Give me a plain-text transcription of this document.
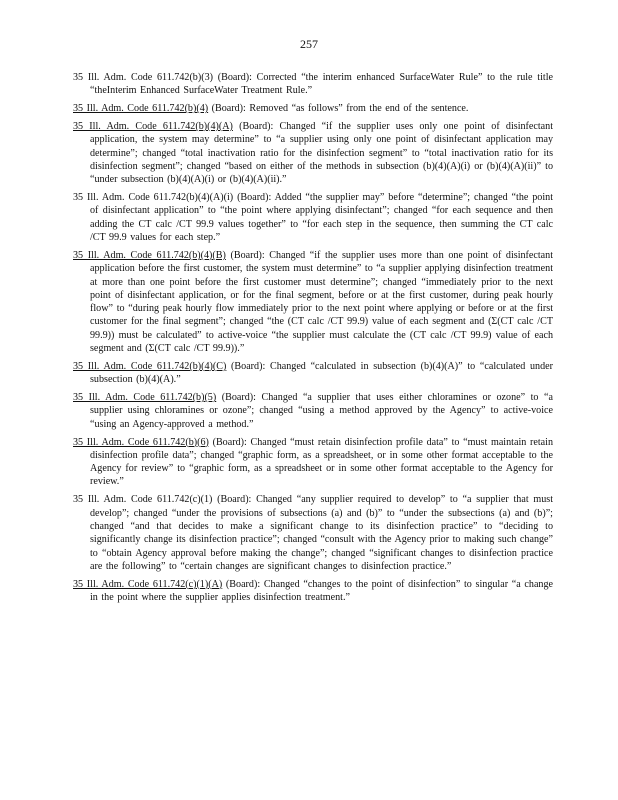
257
35 Ill. Adm. Code 611.742(b)(3) (Board): Corrected “the interim enhanced SurfaceWater Rule” to the rule title “theInterim Enhanced SurfaceWater Treatment Rule.”
35 Ill. Adm. Code 611.742(b)(4) (Board): Removed “as follows” from the end of the sentence.
35 Ill. Adm. Code 611.742(b)(4)(A) (Board): Changed “if the supplier uses only one point of disinfectant application, the system may determine” to “a supplier using only one point of disinfectant application may determine”; changed “total inactivation ratio for the disinfection segment” to “total inactivation ratio for its disinfection segment”; changed “based on either of the methods in subsection (b)(4)(A)(i) or (b)(4)(A)(ii)” to “under subsection (b)(4)(A)(i) or (b)(4)(A)(ii).”
35 Ill. Adm. Code 611.742(b)(4)(A)(i) (Board): Added “the supplier may” before “determine”; changed “the point of disinfectant application” to “the point where applying disinfectant”; changed “for each sequence and then adding the CT calc /CT 99.9 values together” to “for each step in the sequence, then summing the CT calc /CT 99.9 values for each step.”
35 Ill. Adm. Code 611.742(b)(4)(B) (Board): Changed “if the supplier uses more than one point of disinfectant application before the first customer, the system must determine” to “a supplier applying disinfection treatment at more than one point before the first customer must determine”; changed “immediately prior to the next point of disinfectant application, or for the final segment, before or at the first customer, during peak hourly flow” to “during peak hourly flow immediately prior to the next point where applying or before or at the first customer for the final segment”; changed “the (CT calc /CT 99.9) value of each segment and (Σ(CT calc /CT 99.9)) must be calculated” to active-voice “the supplier must calculate the (CT calc /CT 99.9) value of each segment and (Σ(CT calc /CT 99.9)).”
35 Ill. Adm. Code 611.742(b)(4)(C) (Board): Changed “calculated in subsection (b)(4)(A)” to “calculated under subsection (b)(4)(A).”
35 Ill. Adm. Code 611.742(b)(5) (Board): Changed “a supplier that uses either chloramines or ozone” to “a supplier using chloramines or ozone”; changed “using a method approved by the Agency” to active-voice “using an Agency-approved a method.”
35 Ill. Adm. Code 611.742(b)(6) (Board): Changed “must retain disinfection profile data” to “must maintain retain disinfection profile data”; changed “graphic form, as a spreadsheet, or in some other format acceptable to the Agency for review” to “graphic form, as a spreadsheet or in some other format acceptable to the Agency for review.”
35 Ill. Adm. Code 611.742(c)(1) (Board): Changed “any supplier required to develop” to “a supplier that must develop”; changed “under the provisions of subsections (a) and (b)” to “under the subsections (a) and (b)”; changed “and that decides to make a significant change to its disinfection practice” to “deciding to significantly change its disinfection practice”; changed “consult with the Agency prior to making such change” to “obtain Agency approval before making the change”; changed “significant changes to disinfection practice are the following” to “certain changes are significant changes to disinfection practice.”
35 Ill. Adm. Code 611.742(c)(1)(A) (Board): Changed “changes to the point of disinfection” to singular “a change in the point where the supplier applies disinfection treatment.”
